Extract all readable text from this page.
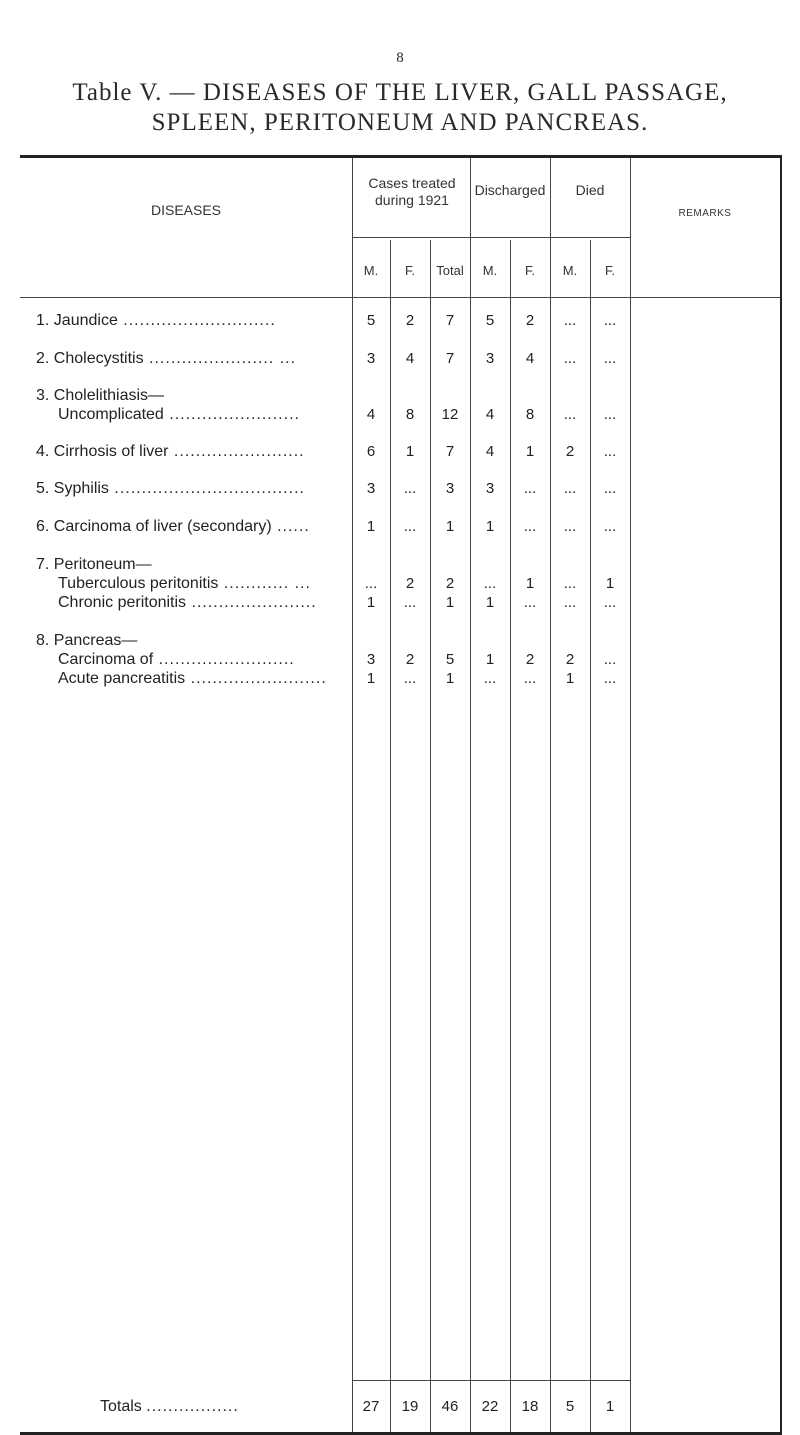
8
Table V. — DISEASES OF THE LIVER, GALL PASSAGE,
SPLEEN, PERITONEUM AND PANCREAS.
DISEASES
Cases treated during 1921
Discharged	Died
REMARKS
M.	F.	Total	M.	F.	M.	F.
1. Jaundice ............................	5	2	7	5	2	...	...
2. Cholecystitis ....................... ...	3	4	7	3	4	...	...
3. Cholelithiasis—
Uncomplicated ........................	4	8	12	4	8	...	...
4. Cirrhosis of liver ........................	6	1	7	4	1	2	...
5. Syphilis ...................................	3	...	3	3	...	...	...
6. Carcinoma of liver (secondary) ......	1	...	1	1	...	...	...
7. Peritoneum—
Tuberculous peritonitis ............ ...	...	2	2	...	1	...	1
Chronic peritonitis .......................	1	...	1	1	...	...	...
8. Pancreas—
Carcinoma of .........................	3	2	5	1	2	2	...
Acute pancreatitis .........................	1	...	1	...	...	1	...
Totals .................	27	19	46	22	18	5	1
